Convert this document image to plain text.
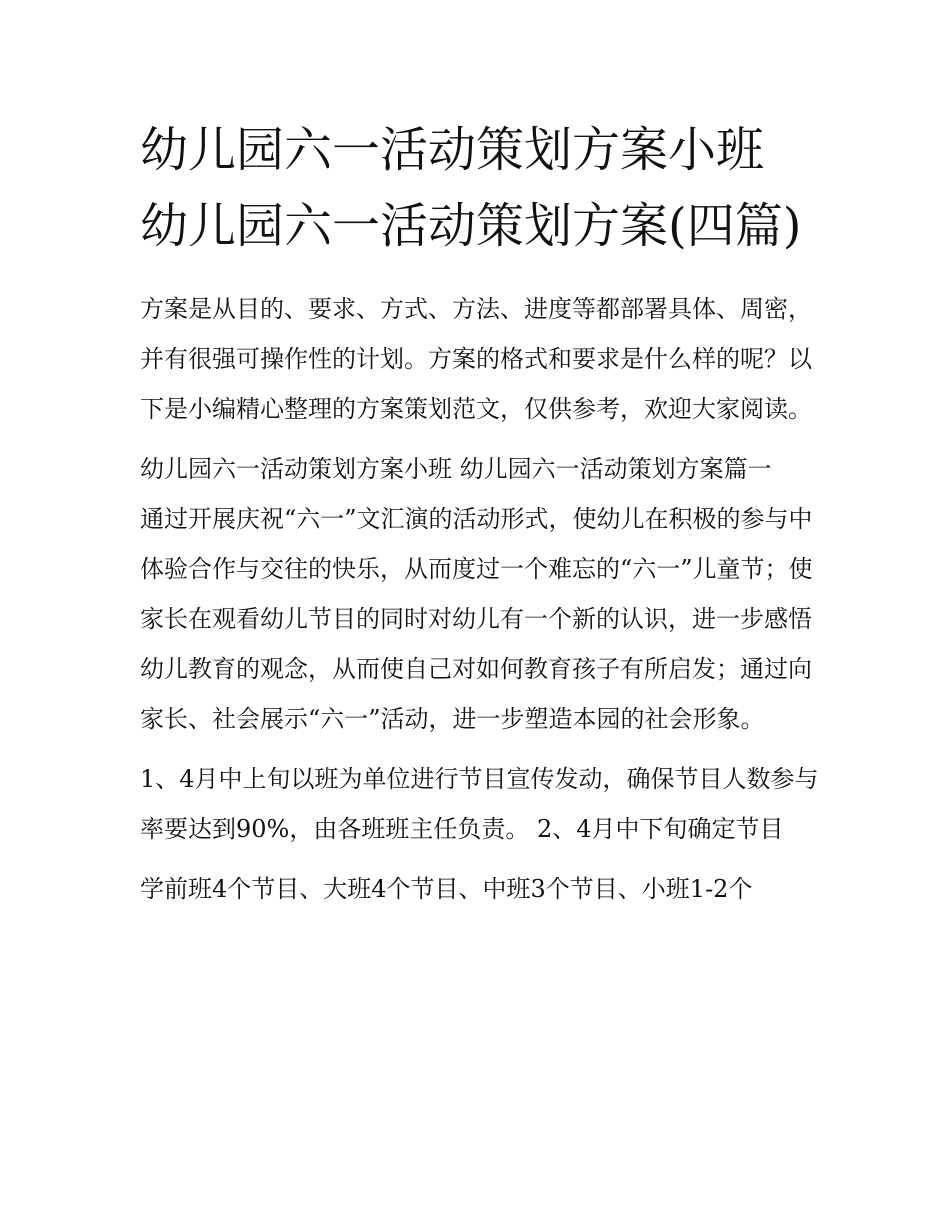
幼儿园六一活动策划方案小班 幼儿园六一活动策划方案(四篇)

方案是从目的、要求、方式、方法、进度等都部署具体、周密，并有很强可操作性的计划。方案的格式和要求是什么样的呢？以下是小编精心整理的方案策划范文，仅供参考，欢迎大家阅读。

幼儿园六一活动策划方案小班 幼儿园六一活动策划方案篇一

通过开展庆祝“六一”文汇演的活动形式，使幼儿在积极的参与中体验合作与交往的快乐，从而度过一个难忘的“六一”儿童节；使家长在观看幼儿节目的同时对幼儿有一个新的认识，进一步感悟幼儿教育的观念，从而使自己对如何教育孩子有所启发；通过向家长、社会展示“六一”活动，进一步塑造本园的社会形象。

1、4月中上旬以班为单位进行节目宣传发动，确保节目人数参与率要达到90%，由各班班主任负责。 2、4月中下旬确定节目

学前班4个节目、大班4个节目、中班3个节目、小班1-2个
